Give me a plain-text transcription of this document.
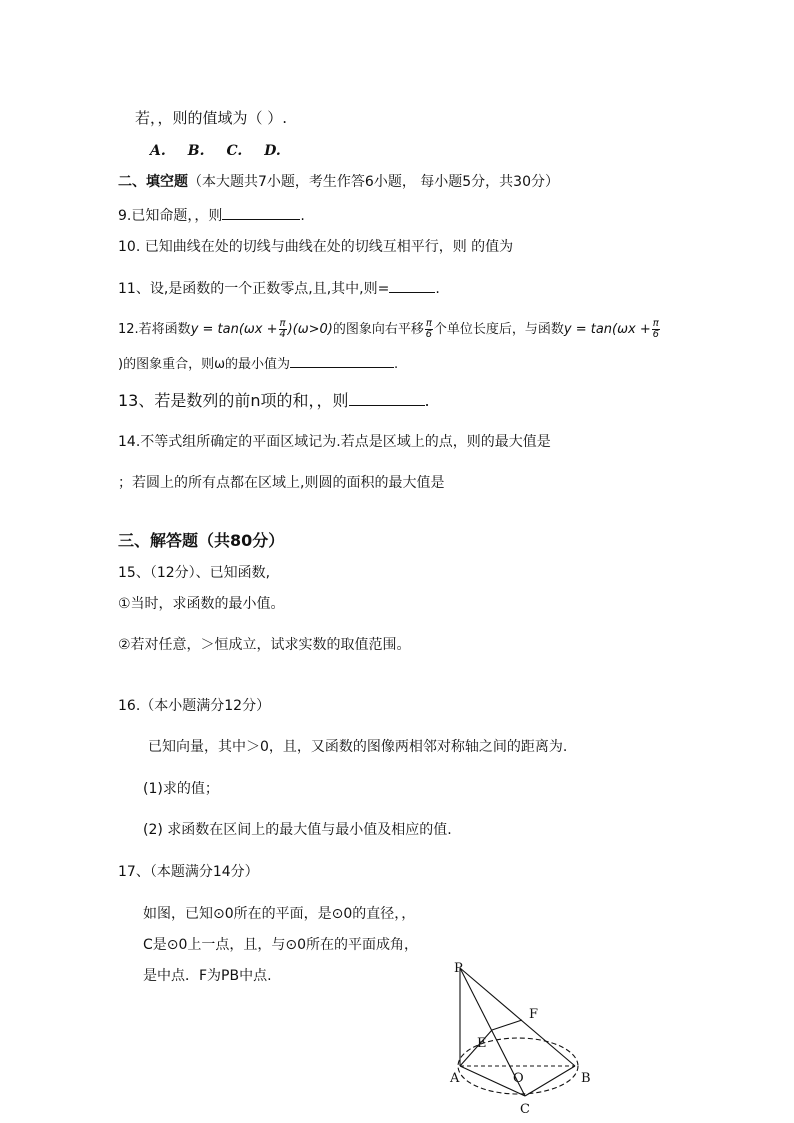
若，，则的值域为（ ）.
A. B. C. D.
二、填空题（本大题共7小题，考生作答6小题， 每小题5分，共30分）
9.已知命题，，则	.
10. 已知曲线在处的切线与曲线在处的切线互相平行，则 的值为
11、设,是函数的一个正数零点,且,其中,则=	.
12.若将函数$y = \tan(\omega x + \frac{\pi}{4} )(\omega>0)$的图象向右平移 $\frac{\pi}{6}$ 个单位长度后，与函数$y = \tan(\omega x + \frac{\pi}{6}$
)的图象重合，则ω的最小值为	.
13、若是数列的前n项的和，，则	.
14.不等式组所确定的平面区域记为.若点是区域上的点，则的最大值是
；若圆上的所有点都在区域上,则圆的面积的最大值是
三、解答题（共80分）
15、（12分）、已知函数,
①当时，求函数的最小值。
②若对任意，＞恒成立，试求实数的取值范围。
16.（本小题满分12分）
已知向量，其中＞0，且，又函数的图像两相邻对称轴之间的距离为.
(1)求的值；
(2) 求函数在区间上的最大值与最小值及相应的值.
17、（本题满分14分）
如图，已知⊙0所在的平面，是⊙0的直径，，
C是⊙0上一点，且，与⊙0所在的平面成角，
是中点．F为PB中点.	P
F
E
A	O	B
C
